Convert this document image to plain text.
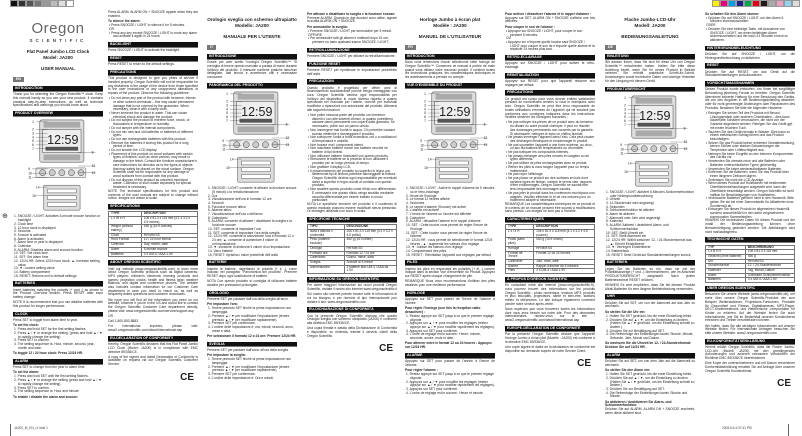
⊕
Oregon
SCIENTIFIC
Flat Panel Jumbo LCD Clock
Model: JA200
USER MANUAL
EN
INTRODUCTION
Thank you for selecting the Oregon Scientific™ clock. Keep this manual handy as you use your new product. It contains practical step-by-step instructions, as well as technical specifications and warnings you should know about.
PRODUCT OVERVIEW
12:59
1
2
3
4
5
6
7
8
9
10
11
12
13
14
15
1. SNOOZE / LIGHT: Activates 5-minute snooze function or backlight
2. Clock time
3. 12-hour clock is displayed
4. Seconds
5. Snooze is activated
6. Alarm is activated
7. Alarm time or year is displayed
8. Calendar
9. ALARM: Disables alarm and snooze function
10. SET: Set clock time
11. SET: Set alarm time
12. 12/24 HR: Select 12/24 hour clock; ▲: increase setting value
13. ▼: Lowers setting value
14. Battery compartment
15. RESET: Returns unit to default settings
BATTERIES
Insert batteries matching the polarity (+ and -) as shown in the Product Overview section. Press RESET after each battery change.
NOTE It is recommended that you use alkaline batteries with this product for longer performance.
CLOCK
Press SET to toggle from alarm time to year.
To set the clock:
1. Press and hold SET for the first setting flashes.
2. Press ▲ / ▼ to change the setting. (press and hold ▲ / ▼ to rapidly change the setting)
3. Press SET to confirm.
4. The setting sequence is: Hour, minute, second, year, month and date.
To toggle 12 / 24 hour clock: Press 12/24 HR.
ALARM
Press SET to change from the year to alarm time.
To set the alarm:
1. Press and hold SET until the first setting flashes.
2. Press ▲ / ▼ to change the setting (press and hold ▲ / ▼ to rapidly change the setting).
3. Press SET to confirm.
4. The setting sequence is: Hour and minute.
To enable / disable the alarm and snooze:
Press ALARM. ALARM ON + SNOOZE appear when they are enabled.
To silence the alarm:
• Press SNOOZE / LIGHT to silence it for 5 minutes.
OR
• Press any key except SNOOZE / LIGHT to mute any alarm and activate it again in 24 hours.
BACKLIGHT
Press SNOOZE / LIGHT to activate the backlight.
RESET
Press RESET to return to the default settings.
PRECAUTIONS
This product is designed to give you years of service if handled properly. Oregon Scientific will not be responsible for any deviations in the usage of the device from those specified in the user instructions or any unapproved alterations or repairs of the product. Observe the following guidelines:
• Do not clean any part of the product with benzene, thinner or other solvent chemicals – this may cause permanent damage that is not covered by the guarantee. When necessary, clean it with a damp cloth.
• Never immerse the product in water. This can cause electrical shock and damage the product.
• Do not subject the product to extreme force, shock, or fluctuations in temperature or humidity.
• Do not tamper with the internal components.
• Do not mix new and old batteries or batteries of different types.
• Do not use rechargeable batteries with this product.
• Remove the batteries if storing this product for a long period of time.
• Do not scratch the LCD display.
• Placement of this product on wood surfaces with certain types of finishes, such as clear varnish, may result in damage to the finish. Consult the furniture manufacturer's care instructions for direction as to the types of objects that may safely be placed on the wood surface. Oregon Scientific shall not be responsible for any damage to wood surfaces from contact with this product.
• Do not dispose of this product as unsorted municipal waste. Collection of such waste separately for special treatment is necessary.
NOTE The technical specifications for this product and contents of the user manual are subject to change without notice. Images not drawn to scale.
SPECIFICATIONS
TYPE	DESCRIPTION
L x W x H	106 x 81.3 x 115 mm (4.1 x 3.2 x 4.5 inches)
Weight (without battery)	450 g (15.9 ounces)
Clock	HH:MM:SS
Hour Format	12 / 24 hour format
Calendar	Day, month, date
Alarm	5-minute snooze
Batteries	3 x UM-4 / AAA 1.5V
ABOUT OREGON SCIENTIFIC
Visit our website (www.oregonscientific.com) to learn more about Oregon Scientific products such as digital cameras; MP3 players; children's electronic learning products and games; projection clocks; health and fitness gear; weather stations; and digital and conference phones. The website also includes contact information for our Customer Care department in case you need to reach us, as well as frequently asked questions and customer downloads.
We hope you will find all the information you need on our website, however if you're in the US and would like to contact the Oregon Scientific Customer Care department directly, please visit: www.oregonscientific.com/service/support.asp
OR
Call 1-800-853-8883.
For international inquiries, please visit: www2.oregonscientific.com/about/international.asp
EU-DECLARATION OF CONFORMITY
Hereby, Oregon Scientific declares that this Flat Panel Jumbo LCD Clock (Model: JA200) is in compliance with EMC directive 89/336/CE.
A copy of the signed and dated Declaration of Conformity is available on request via our Oregon Scientific Customer Service.
CE
Orologio sveglia con schermo ultrapiatto
Modello: JA200
MANUALE PER L'UTENTE
IT
INTRODUZIONE
Grazie per aver scelto l'orologio Oregon Scientific™. Si consiglia di tenere questo manuale a portata di mano durante l'utilizzo del prodotto. Il manuale contiene pratiche istruzioni dettagliate, dati tecnici e avvertenze utili e necessarie conoscere.
PANORAMICA DEL PRODOTTO
12:59
1
2
3
4
5
6
7
8
9
10
11
12
13
14
15
1. SNOOZE / LIGHT: consente di attivare la funzione snooze (5 minuti) o la retroilluminazione
2. Ora
3. Visualizzazione dell'ora in formato 12 ore
4. Secondi
5. Funzione snooze attiva
6. Allarme attivo
7. Visualizzazione dell'ora o dell'anno
8. Calendario
9. ALARM: consente di attivare / disattivare la sveglia e la funzione snooze
10. SET: consente di impostare l'ora
11. SET: consente di impostare l'ora della sveglia
12. 12/24 HR: consente di selezionare l'ora in formato 12 o 24 ore; ▲: consente di aumentare il valore di un'impostazione
13. ▼: consente di diminuire il valore di un'impostazione
14. Vano batterie
15. RESET: ripristina i valori predefiniti dell'unità
BATTERIE
Inserire le batterie, rispettando le polarità (+ e -), come indicato nel paragrafo "Panoramica del prodotto". Premere RESET dopo ogni sostituzione di batterie.
NOTA Con questo prodotto si consiglia di utilizzare batterie alcaline per prestazioni prolungate.
OROLOGIO
Premere SET per passare dall'ora della sveglia all'anno.
Per impostare l'ora:
1. Tenere premuto SET finché la prima impostazione non lampeggia.
2. Premere ▲ / ▼ per modificare l'impostazione (tenere premuto ▲ / ▼ per modificare rapidamente).
3. Premere SET per confermare.
4. L'ordine delle impostazioni è: ora, minuti, secondi, anno, mese e data.
Per selezionare il formato 12 o 24 ore: Premere 12/24 HR.
SVEGLIA
Premere SET per passare dall'anno all'ora della sveglia.
Per impostare la sveglia:
1. Tenere premuto SET finché la prima impostazione non lampeggia.
2. Premere ▲ / ▼ per modificare l'impostazione (tenere premuto ▲ / ▼ per modificare rapidamente).
3. Premere SET per confermare.
4. L'ordine delle impostazioni è: Ora e minuti.
Per attivare o disattivare la sveglia e la funzione snooze:
Premere ALARM. Quando le due funzioni sono attive, appare la scritta ALARM ON + SNOOZE.
Per ammutolire la sveglia:
• Premere SNOOZE / LIGHT per ammutolire per 5 minuti.
OPPURE
• Per ammutolire tutti gli allarmi e riattivarli dopo 24 ore, premere un tasto qualsiasi tranne SNOOZE / LIGHT.
RETROILLUMINAZIONE
Premere SNOOZE / LIGHT per attivare la retroilluminazione.
FUNZIONE RESET
Premere RESET per ripristinare le impostazioni predefinite dell'unità.
PRECAUZIONI
Questo prodotto è progettato per offrire anni di funzionamento soddisfacente purché venga maneggiato con cura. Oregon Scientific declina ogni responsabilità per l'utilizzo del dispositivo in modo diverso rispetto a quanto specificato nel manuale per l'utente, nonché per eventuali modifiche o riparazioni non autorizzate del prodotto. Attenersi alle seguenti istruzioni:
• Non pulire nessuna parte del prodotto con benzene, diluenti o con altri solventi chimici, in quanto potrebbero causare danni permanenti non coperti dalla garanzia. Se necessario, pulire con un panno umido.
• Non immergere mai l'unità in acqua. Ciò potrebbe causare scosse elettriche e danneggiare il prodotto.
• Non sottoporre l'unità a forza eccessiva, urti o a oscillazioni di temperatura e umidità.
• Non forzare mai i componenti interni.
• Non mischiare batterie nuove con batterie vecchie né batterie di tipi diversi.
• Non utilizzare batterie ricaricabili con questo prodotto.
• Rimuovere le batterie se si prevede di non utilizzare il prodotto per un lungo periodo di tempo.
• Non graffiare il display LCD.
• Il posizionamento del prodotto su superfici in legno con determinati tipi di finitura potrebbe danneggiare la finitura. Oregon Scientific declina ogni responsabilità per eventuali danni a superfici in legno dovuti al contatto con questo prodotto.
• Non smaltire questo prodotto come rifiuto non differenziato. È necessario che questo rifiuto venga smaltito mediante raccolta differenziata per essere trattato in modo particolare.
NOTA Le specifiche tecniche del prodotto e il contenuto di questo manuale possono essere modificati senza preavviso. Le immagini utilizzate non sono in scala.
SPECIFICHE TECNICHE
TIPO	DESCRIZIONE
Isola x altezza x profondità	106 x 81.3 x 115 mm (4.1 x 3.2 x 4.5 pollici)
Peso (batterie escluse)	450 g (15.9 libbre)
Orologio	HH:MM:SS
Formato ora	Formato 12 / 24 ore
Calendario	Giorno, mese, data
Sveglia	Snooze di 5 minuti
Alimentazione	3 batterie stilo UM-4 / AAA da 1.5V
INFORMAZIONI SU OREGON SCIENTIFIC
Per avere maggiori informazioni sui nuovi prodotti Oregon Scientific, visitate il nostro sito internet www.oregonscientific.it
Sul nostro sito internet potrete trovare tutte le informazioni di cui ha bisogno; e per ricerche di tipo internazionale può visitare il sito: www.oregonscientific.com
EU-DICHIARAZIONE DI CONFORMITÀ
Con la presente Oregon Scientific dichiara che questo Orologio sveglia con schermo ultrapiatto (JA200) è conforme alla direttiva EMC 89/336/CE.
Una copia firmata e datata della Dichiarazione di Conformità è disponibile, su richiesta, tramite il servizio clienti della Oregon Scientific.
CE
Horloge Jumbo à écran plat
Modèle : JA200
MANUEL DE L'UTILISATEUR
FR
INTRODUCTION
Nous vous remercions d'avoir sélectionné cette horloge de Oregon Scientific™. Conservez ce manuel à portée de main quand vous utilisez votre nouveau produit. Il contient toutes les instructions pratiques, les caractéristiques techniques et les avertissements à prendre en compte.
VUE D'ENSEMBLE DU PRODUIT
12:59
1
2
3
4
5
6
7
8
9
10
11
12
13
14
15
1. SNOOZE / LIGHT : Active le rappel d'alarme de 5 minutes ou le rétro-éclairage
2. Heure de l'horloge
3. Le format 12 heures affiché
4. Secondes
5. Le rappel d'alarme (Snooze) est activé
6. L'alarme est activée
7. L'heure de l'alarme ou l'année est affichée
8. Calendrier
9. ALARM : désactive l'alarme et le rappel d'alarme
10. SET : Cette touche vous permet de régler l'heure de l'horloge
11. SET : Cette touche vous permet de régler l'heure de l'alarme
12. 12/24 HR : vous permet de sélectionner le format 12/24 heures ; ▲ : augmente les valeurs d'un réglage
13. ▼ : baisse les valeurs d'un réglage
14. Compartiment des piles
15. RESET : Réinitialise l'appareil aux réglages par défaut
PILES
Insérez les piles en respectant les polarités (+ et -) comme indiqué dans la section Vue d'ensemble du Produit. Appuyez sur RESET après chaque changement de pile.
REMARQUE Nous vous recommandons d'utiliser des piles alcalines pour une meilleure performance.
HORLOGE
Appuyez sur SET pour passer de l'heure de l'alarme à l'année.
Pour régler l'horloge (une fois la réception radio désactivée) :
1. Restez appuyé sur SET jusqu'à ce que le premier réglage clignote.
2. Appuyez sur ▲ / ▼ pour modifier les réglages (restez appuyé sur ▲ / ▼ pour modifier rapidement les réglages).
3. Appuyez sur SET pour confirmer.
4. L'ordre de réglage est le suivant : Heure, minute, seconde, année, mois et date.
Pour alterner entre le format 12 ou 24 heures : Appuyez sur 12/24 HR.
ALARME
Appuyez sur SET pour passer de l'année à l'heure de l'alarme.
Pour régler l'alarme :
1. Restez appuyé sur SET jusqu'à ce que le premier réglage clignote.
2. Appuyez sur ▲ / ▼ pour modifier les réglages (restez appuyé sur ▲ / ▼ pour modifier rapidement les réglages).
3. Appuyez sur SET pour confirmer.
4. L'ordre de réglage est le suivant : Heure et minute.
Pour activer / désactiver l'alarme et le rappel d'alarme :
Appuyez sur SET. ALARM ON + SNOOZE s'affiche une fois activées.
Pour couper le son de l'alarme :
• Appuyez sur SNOOZE / LIGHT, pour couper le son pendant 5 minutes.
OU
• Appuyez sur n'importe quelle touche sauf SNOOZE / LIGHT pour couper le son de n'importe quelle alarme et la réactiver 24 heures plus tard.
RÉTRO-ÉCLAIRAGE
Appuyez sur SNOOZE / LIGHT pour activer le rétro-éclairage.
RÉINITIALISATION
Appuyez sur RESET pour que l'appareil retourne aux réglages par défaut.
PRÉCAUTIONS
Ce produit est conçu pour vous donner entière satisfaction pendant de nombreuses années si vous le manipulez avec soin. Oregon Scientific ne peut être tenu responsable de toutes utilisations erronées de l'appareil qui ne seraient pas conformes aux consignes indiquées dans les instructions. Veuillez observer les consignes suivantes :
• Ne pas nettoyer les pièces de ce produit avec du benzène, du diluant ou autre produit chimique. Il peut en résulter des dommages permanents non couverts par la garantie. Si nécessaire, nettoyez-le avec un chiffon humide.
• Ne jamais immerger l'appareil dans l'eau. Cela peut causer des décharges électriques et endommager le produit.
• Ne pas soumettre l'appareil à une force extrême, au choc, ou aux fluctuations de températures ou d'humidité.
• Ne pas trafiquer les composants internes.
• Ne jamais mélanger des piles neuves et usagées ou de types différents.
• Ne pas utiliser de piles rechargeables avec ce produit.
• Retirer les piles si vous rangez l'appareil pour un temps indéterminé.
• Ne pas rayer l'affichage.
• Ne pas placer ce produit sur des surfaces en bois dont certains types de finition, comme le vernis clair, risquent d'être endommagés. Oregon Scientific ne saurait être tenu responsable des dommages causés.
• Ne pas jeter le produit dans les conteneurs municipaux non adaptés. Veuillez effectuer le tri de ces ordures pour un traitement adapté si nécessaire.
REMARQUE Les caractéristiques techniques de ce produit et le contenu de ce manuel peuvent être soumis à modifications sans préavis. Les images ne sont pas à l'échelle.
CARACTÉRISTIQUES
TYPE	DESCRIPTION
L x l x H	106 x 81.3 x 115 mm (4.1 x 3.2 x 4.5 pouces)
Poids (sans piles)	450 g (15.9 onces)
Horloge	HH:MM:SS
Format de l'heure	Format 12 ou 24 heures
Calendrier	Jour, mois, date
Alarme	Rappel d'alarme de 5 minutes
Piles	3 x UM-4 / AAA 1.5V
À PROPOS D'OREGON SCIENTIFIC
En consultant notre site internet (www.oregonscientific.fr), vous pourrez trouver des informations sur les produits Oregon Scientific : photo numérique, lecteurs MP3, produits et jeux éducatifs, projecteurs, santé et bien-être, stations météo et téléphones. Le site indique également comment joindre notre service après-vente.
Nous espérons que vous trouverez toutes les informations dont vous avez besoin sur notre site. Pour des demandes internationales, rendez-vous sur le site : www2.oregonscientific.com/about/international.asp
EUROPE-DÉCLARATION DE CONFORMITÉ
Par la présente Oregon Scientific déclare que l'appareil Horloge Jumbo à écran plat (Modèle : JA200) est conforme à la directive EMC 89/336/CE.
Une copie signée et datée de la déclaration de conformité est disponible sur demande auprès de notre Service Client.
CE
Flache Jumbo-LCD-Uhr
Modell: JA200
BEDIENUNGSANLEITUNG
DE
EINLEITUNG
Wir danken Ihnen, dass Sie sich für diese Uhr von Oregon Scientific™ entschieden haben. Halten Sie bitte diese Anleitung bereit, wenn Sie Ihr neues Produkt in Betrieb nehmen. Sie enthält praktische Schritt-für-Schritt-Anweisungen sowie technische Daten und wichtige Hinweise für den Umgang mit diesem Gerät.
PRODUKTÜBERSICHT
12:59
1
2
3
4
5
6
7
8
9
10
11
12
13
14
15
1. SNOOZE / LIGHT: Aktiviert 5-Minuten-Schlummerfunktion oder Hintergrundbeleuchtung
2. Uhrzeit
3. 12-Stundenuhr wird angezeigt
4. Sekunden
5. Schlummerfunktion ist aktiviert
6. Alarm ist aktiviert
7. Alarmzeit oder Jahr wird angezeigt
8. Kalender
9. ALARM: Aktiviert / deaktiviert Alarm- und Schlummerfunktion
10. SET: Stellt Uhrzeit ein
11. SET: Stellt Alarmzeit ein
12. 12/24 HR: Wählt zwischen 12- / 24-Stundenformat aus; ▲: Erhöht Einstellwerte
13. ▼: Verringert Einstellwerte
14. Batteriefach
15. RESET: Setzt Gerät auf Standardeinstellungen zurück
BATTERIEN
Legen Sie die Batterien so ein, dass sie mit der Polaritätsanzeige (+ und -) übereinstimmen, wie im Abschnitt PRODUKTÜBERSICHT dargestellt. Nach jedem Batteriewechsel RESET drücken.
HINWEIS Es wird empfohlen, dass Sie bei diesem Produkt Alkali-Batterien für eine längere Betriebsleistung verwenden.
UHR
Drücken Sie auf SET, um von der Alarmzeit auf das Jahr zu wechseln.
So stellen Sie die Uhr ein:
1. Halten Sie SET gedrückt, bis die erste Einstellung blinkt.
2. Drücken Sie auf ▲ / ▼, um die Einstellung zu ändern. (Halten Sie ▲ / ▼ gedrückt, um die Einstellung schnell zu ändern.)
3. Drücken Sie zur Bestätigung auf SET.
4. Die Reihenfolge der Einstellungen lautet: Stunde, Minute, Sekunde, Jahr, Monat und Datum.
So wechseln Sie die Uhrzeit im 12- / 24-Stundenformat: Drücken Sie auf 12/24 HR.
ALARM
Drücken Sie auf SET, um von dem Jahr auf die Alarmzeit zu wechseln.
So stellen Sie den Alarm ein:
1. Halten Sie SET gedrückt, bis die erste Einstellung blinkt.
2. Drücken Sie auf ▲ / ▼, um die Einstellung zu ändern. (Halten Sie ▲ / ▼ gedrückt, um die Einstellung schnell zu ändern.)
3. Drücken Sie zur Bestätigung auf SET.
4. Die Reihenfolge der Einstellungen lautet: Stunde und Minute.
So aktivieren / deaktivieren Sie Alarm- und Schlummerfunktion:
Drücken Sie auf ALARM. ALARM ON + SNOOZE erscheint, wenn diese aktiviert sind.
So schalten Sie den Alarm stumm:
• Drücken Sie auf SNOOZE / LIGHT, um den Alarm 5 Minuten stummzuschalten.
ODER
• Drücken Sie eine beliebige Taste, mit Ausnahme von SNOOZE / LIGHT, um einen beliebigen Alarm stummzuschalten und ihn nach 24 Stunden erneut zu aktivieren.
HINTERGRUNDBELEUCHTUNG
Drücken Sie auf SNOOZE / LIGHT, um die Hintergrundbeleuchtung zu aktivieren.
RESET
Drücken Sie auf RESET, um das Gerät auf die Standardeinstellungen zurückzusetzen.
VORSICHTSMASSNAHMEN
Dieses Produkt wurde entworfen, um Ihnen bei sorgfältiger Behandlung jahrelang Freude zu bereiten. Oregon Scientific übernimmt keinerlei Haftung für eine Benutzung des Geräts, die von den Angaben in der Bedienungsanleitung abweicht, oder für nicht genehmigte Änderungen oder Reparaturen des Produkts. Beachten Sie bitte die folgenden Hinweise:
• Reinigen Sie keinen Teil des Produkts mit Benzol, Lösungsmitteln oder anderen Chemikalien – dies kann dauerhafte Schäden verursachen, die nicht von der Garantie abgedeckt werden. Reinigen Sie das Gerät ggf. mit einem feuchten Tuch.
• Tauchen Sie das Gerät niemals in Wasser. Dies kann zu einem elektrischen Schlag führen und das Produkt beschädigen.
• Setzen Sie das Produkt keiner extremen Gewalteinwirkung, keinen Stößen oder starken Schwankungen der Temperatur oder Luftfeuchtigkeit aus.
• Nehmen Sie keine Eingriffe an den internen Komponenten des Geräts vor.
• Verwenden Sie niemals neue und alte Batterien oder Batterien unterschiedlicher Typen gleichzeitig.
• Verwenden Sie keine wiederaufladbaren Batterien.
• Entfernen Sie die Batterien, wenn Sie das Produkt über einen längeren Zeitraum lagern.
• Zerkratzen Sie nicht die LCD-Anzeige.
• Wenn dieses Produkt auf Holzflächen mit bestimmten Oberflächenbehandlungen aufgestellt wird, kann die Oberfläche beschädigt werden. Oregon Scientific ist nicht haftbar für Beschädigungen von Holzflächen.
• Verbrauchte Batterien gehören nicht in den Hausmüll. Bitte geben Sie sie bei einer Sammelstelle für Altbatterien bzw. Sondermüll ab.
• Entsorgen Sie dieses Produkt im allgemeinen Hausmüll, sondern ausschließlich in den dafür vorgesehenen kommunalen Sammelstellen.
HINWEIS Die technischen Daten für dieses Produkt und der Inhalt der Bedienungsanleitung können ohne Benachrichtigung geändert werden. Die Abbildungen sind nicht maßstabsgetreu.
TECHNISCHE DATEN
TYP	BESCHREIBUNG
L x B x H	106 x 81.3 x 115 mm
Gewicht (ohne Batterie)	450 g
Uhr	HH:MM:SS
Stundenformat	12- / 24-Stundenformat
Kalender	Tag, Monat, Datum
Alarm	5-Minuten-Schlummerfunktion
Batterien	3 x UM-4 / AAA 1.5V
ÜBER OREGON SCIENTIFIC
Besuchen Sie unsere Website (www.oregonscientific.de), um mehr über unsere Oregon Scientific-Produkte wie zum Beispiel Wetterstationen, Projektions-Funkuhren, Produkte für Gesundheit und Fitness, Digitalkameras, MP3-Player, DECT-Kinderelektronik und elektronische Lernprodukte für Kinder zu erfahren. Auf der Website finden Sie auch Informationen, wie Sie im Bedarfsfall unseren Kundendienst erreichen und Treiber herunterladen können.
Wir hoffen, dass Sie alle wichtigen Informationen auf unserer Website finden. Für internationale Anfragen besuchen Sie bitte unsere Website: www2.oregonscientific.com
EU-KONFORMITÄTSERKLÄRUNG
Hiermit erklärt Oregon Scientific, dass die Flache Jumbo-LCD-Uhr (Modell: JA200) mit den grundlegenden Anforderungen und anderen relevanten Vorschriften der Richtlinie EMC 89/336/CE übereinstimmt.
Eine Kopie der unterschriebenen und mit Datum versehenen Konformitätserklärung erhalten Sie auf Anfrage über unseren Oregon Scientific Kundendienst.
CE
JA200_M_EN_r1.indd 1	2008.5.6 4:37:41 PM
